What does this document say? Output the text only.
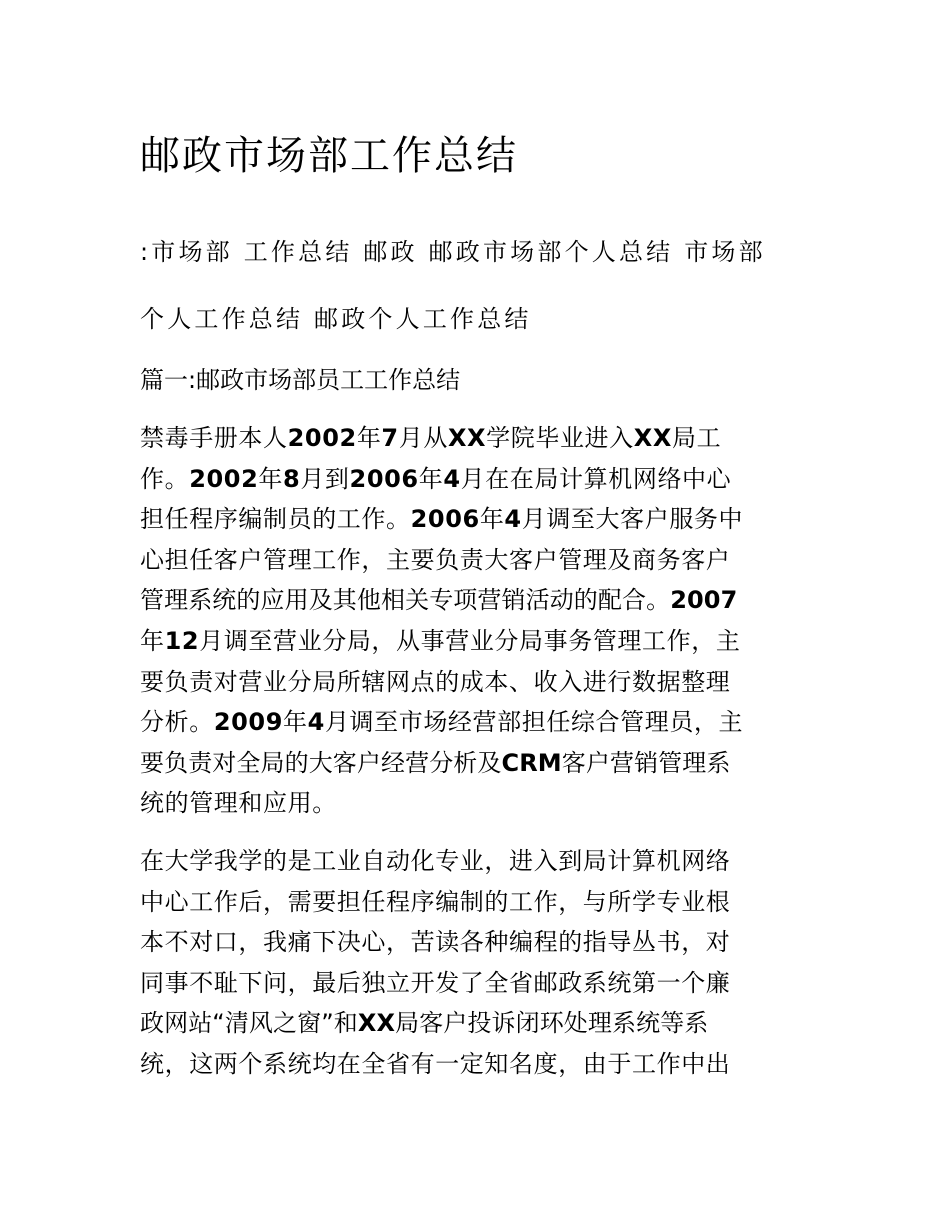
邮政市场部工作总结
:市场部 工作总结 邮政 邮政市场部个人总结 市场部
个人工作总结 邮政个人工作总结
篇一:邮政市场部员工工作总结
禁毒手册本人2002年7月从XX学院毕业进入XX局工
作。2002年8月到2006年4月在在局计算机网络中心
担任程序编制员的工作。2006年4月调至大客户服务中
心担任客户管理工作，主要负责大客户管理及商务客户
管理系统的应用及其他相关专项营销活动的配合。2007
年12月调至营业分局，从事营业分局事务管理工作，主
要负责对营业分局所辖网点的成本、收入进行数据整理
分析。2009年4月调至市场经营部担任综合管理员，主
要负责对全局的大客户经营分析及CRM客户营销管理系
统的管理和应用。
在大学我学的是工业自动化专业，进入到局计算机网络
中心工作后，需要担任程序编制的工作，与所学专业根
本不对口，我痛下决心，苦读各种编程的指导丛书，对
同事不耻下问，最后独立开发了全省邮政系统第一个廉
政网站“清风之窗”和XX局客户投诉闭环处理系统等系
统，这两个系统均在全省有一定知名度，由于工作中出
